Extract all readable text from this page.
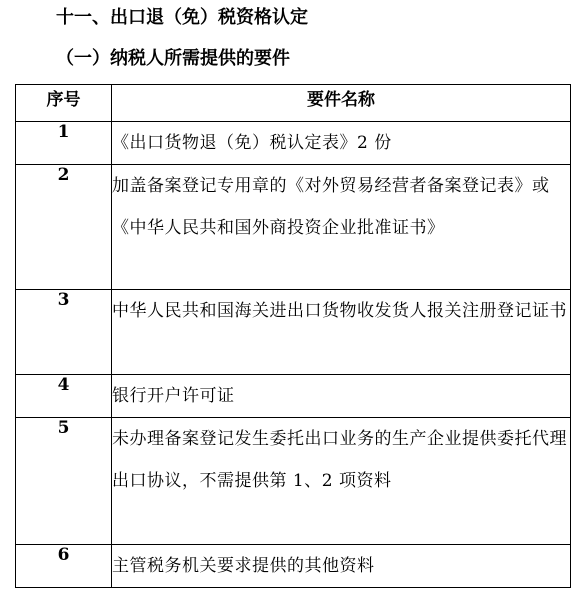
十一、出口退（免）税资格认定
（一）纳税人所需提供的要件
序号	要件名称
1	《出口货物退（免）税认定表》2 份
2	加盖备案登记专用章的《对外贸易经营者备案登记表》或《中华人民共和国外商投资企业批准证书》
3	中华人民共和国海关进出口货物收发货人报关注册登记证书
4	银行开户许可证
5	未办理备案登记发生委托出口业务的生产企业提供委托代理出口协议，不需提供第 1、2 项资料
6	主管税务机关要求提供的其他资料
